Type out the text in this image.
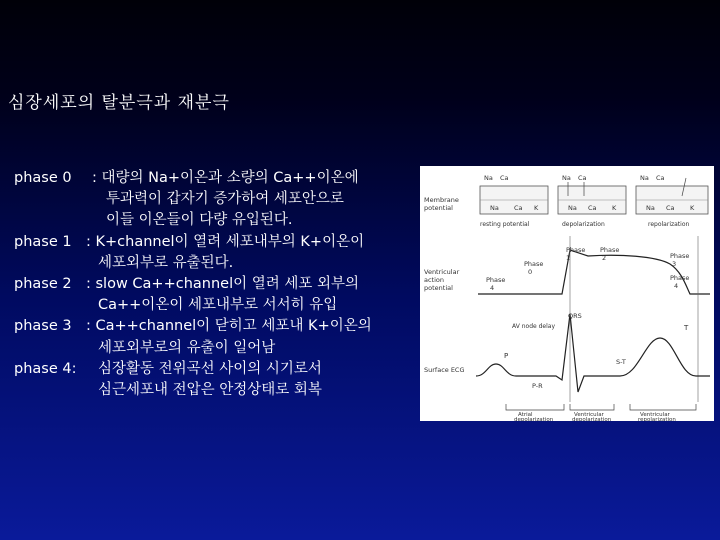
심장세포의 탈분극과 재분극
phase 0 : 대량의 Na+이온과 소량의 Ca++이온에
투과력이 갑자기 증가하여 세포안으로
이들 이온들이 다량 유입된다.
phase 1 : K+channel이 열려 세포내부의 K+이온이
세포외부로 유출된다.
phase 2 : slow Ca++channel이 열려 세포 외부의
Ca++이온이 세포내부로 서서히 유입
phase 3 : Ca++channel이 닫히고 세포내 K+이온의
세포외부로의 유출이 일어남
phase 4: 심장활동 전위곡선 사이의 시기로서
심근세포내 전압은 안정상태로 회복
Membrane
potential
Na Ca
Na Ca K
resting potential
Na Ca
Na Ca K
depolarization
Na Ca
Na Ca K
repolarization
Ventricular
action
potential
Phase
0
Phase
1
Phase
2	Phase
3
Phase
4
Phase
4
Surface ECG
QRS
AV node delay	T
P
S-T
P-R
Atrial
depolarization
Ventricular
depolarization
Ventricular
repolarization
